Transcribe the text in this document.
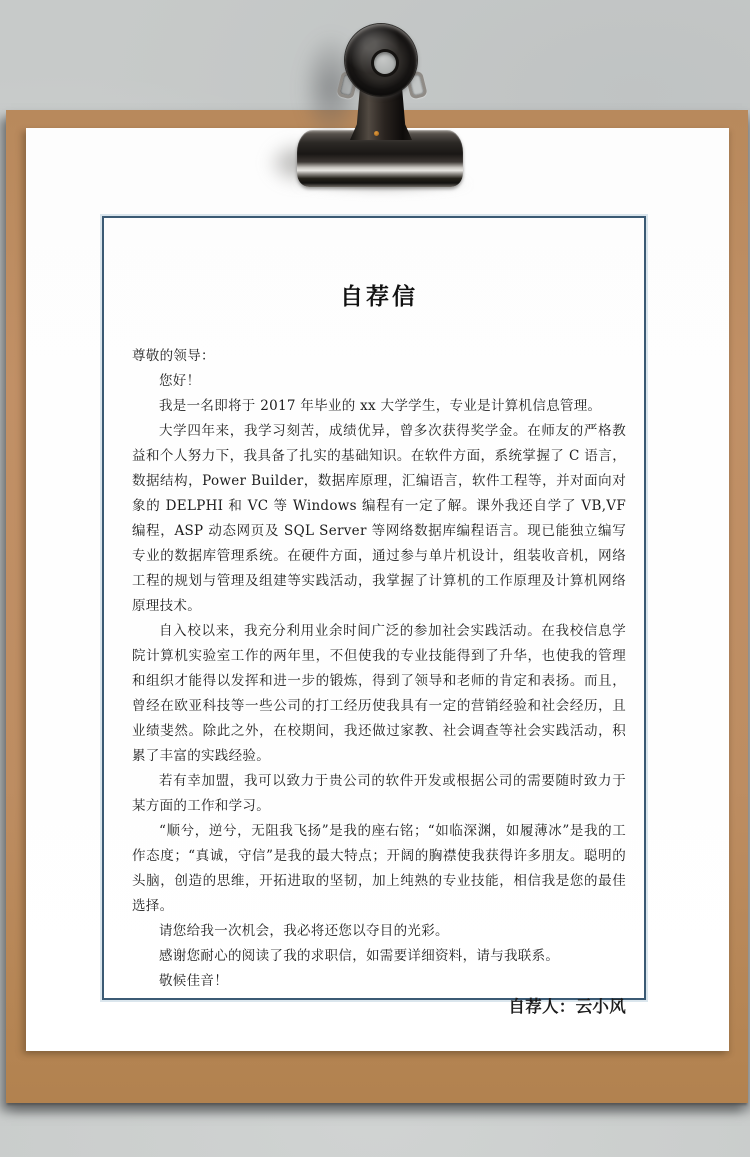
自荐信

尊敬的领导：

您好！

我是一名即将于 2017 年毕业的 xx 大学学生，专业是计算机信息管理。

大学四年来，我学习刻苦，成绩优异，曾多次获得奖学金。在师友的严格教益和个人努力下，我具备了扎实的基础知识。在软件方面，系统掌握了 C 语言，数据结构，Power Builder，数据库原理，汇编语言，软件工程等，并对面向对象的 DELPHI 和 VC 等 Windows 编程有一定了解。课外我还自学了 VB,VF 编程，ASP 动态网页及 SQL Server 等网络数据库编程语言。现已能独立编写专业的数据库管理系统。在硬件方面，通过参与单片机设计，组装收音机，网络工程的规划与管理及组建等实践活动，我掌握了计算机的工作原理及计算机网络原理技术。

自入校以来，我充分利用业余时间广泛的参加社会实践活动。在我校信息学院计算机实验室工作的两年里，不但使我的专业技能得到了升华，也使我的管理和组织才能得以发挥和进一步的锻炼，得到了领导和老师的肯定和表扬。而且，曾经在欧亚科技等一些公司的打工经历使我具有一定的营销经验和社会经历，且业绩斐然。除此之外，在校期间，我还做过家教、社会调查等社会实践活动，积累了丰富的实践经验。

若有幸加盟，我可以致力于贵公司的软件开发或根据公司的需要随时致力于某方面的工作和学习。

“顺兮，逆兮，无阻我飞扬”是我的座右铭；“如临深渊，如履薄冰”是我的工作态度；“真诚，守信”是我的最大特点；开阔的胸襟使我获得许多朋友。聪明的头脑，创造的思维，开拓进取的坚韧，加上纯熟的专业技能，相信我是您的最佳选择。

请您给我一次机会，我必将还您以夺目的光彩。

感谢您耐心的阅读了我的求职信，如需要详细资料，请与我联系。

敬候佳音！

自荐人：云小风
